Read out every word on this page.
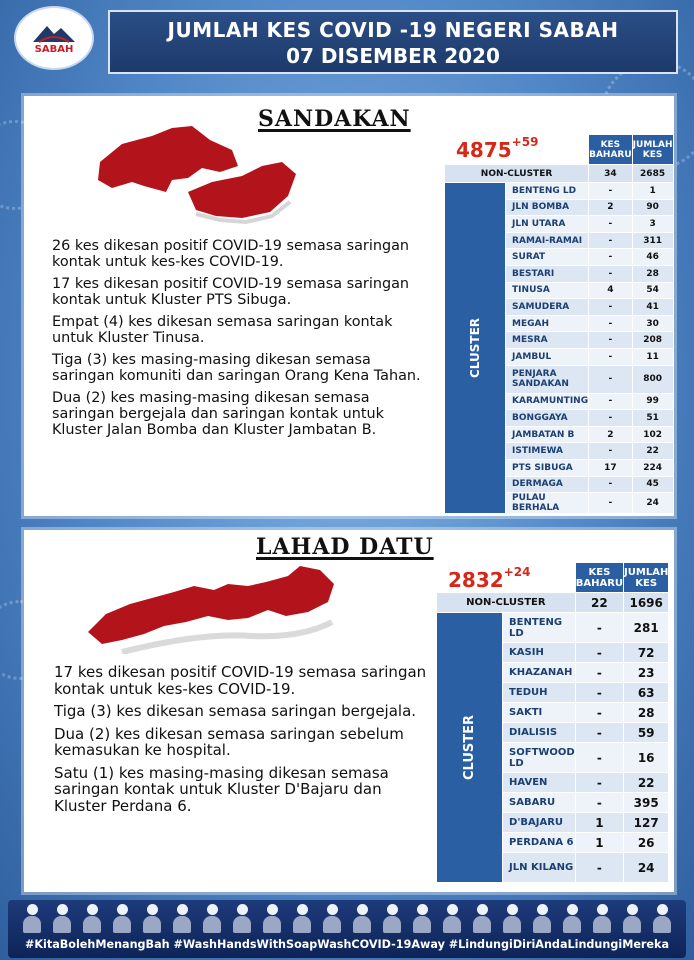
SABAH
JUMLAH KES COVID -19 NEGERI SABAH
07 DISEMBER 2020
SANDAKAN

26 kes dikesan positif COVID-19 semasa saringan kontak untuk kes-kes COVID-19.

17 kes dikesan positif COVID-19 semasa saringan kontak untuk Kluster PTS Sibuga.

Empat (4) kes dikesan semasa saringan kontak untuk Kluster Tinusa.

Tiga (3) kes masing-masing dikesan semasa saringan komuniti dan saringan Orang Kena Tahan.

Dua (2) kes masing-masing dikesan semasa saringan bergejala dan saringan kontak untuk Kluster Jalan Bomba dan Kluster Jambatan B.

$4875^{+59}$
		KES BAHARU	JUMLAH KES
NON-CLUSTER		34	2685
CLUSTER	BENTENG LD	-	1
	JLN BOMBA	2	90
	JLN UTARA	-	3
	RAMAI-RAMAI	-	311
	SURAT	-	46
	BESTARI	-	28
	TINUSA	4	54
	SAMUDERA	-	41
	MEGAH	-	30
	MESRA	-	208
	JAMBUL	-	11
	PENJARA SANDAKAN	-	800
	KARAMUNTING	-	99
	BONGGAYA	-	51
	JAMBATAN B	2	102
	ISTIMEWA	-	22
	PTS SIBUGA	17	224
	DERMAGA	-	45
	PULAU BERHALA	-	24
LAHAD DATU

17 kes dikesan positif COVID-19 semasa saringan kontak untuk kes-kes COVID-19.

Tiga (3) kes dikesan semasa saringan bergejala.

Dua (2) kes dikesan semasa saringan sebelum kemasukan ke hospital.

Satu (1) kes masing-masing dikesan semasa saringan kontak untuk Kluster D'Bajaru dan Kluster Perdana 6.

$2832^{+24}$
		KES BAHARU	JUMLAH KES
NON-CLUSTER		22	1696
CLUSTER	BENTENG LD	-	281
	KASIH	-	72
	KHAZANAH	-	23
	TEDUH	-	63
	SAKTI	-	28
	DIALISIS	-	59
	SOFTWOOD LD	-	16
	HAVEN	-	22
	SABARU	-	395
	D'BAJARU	1	127
	PERDANA 6	1	26
	JLN KILANG	-	24
#KitaBolehMenangBah #WashHandsWithSoapWashCOVID-19Away #LindungiDiriAndaLindungiMereka
